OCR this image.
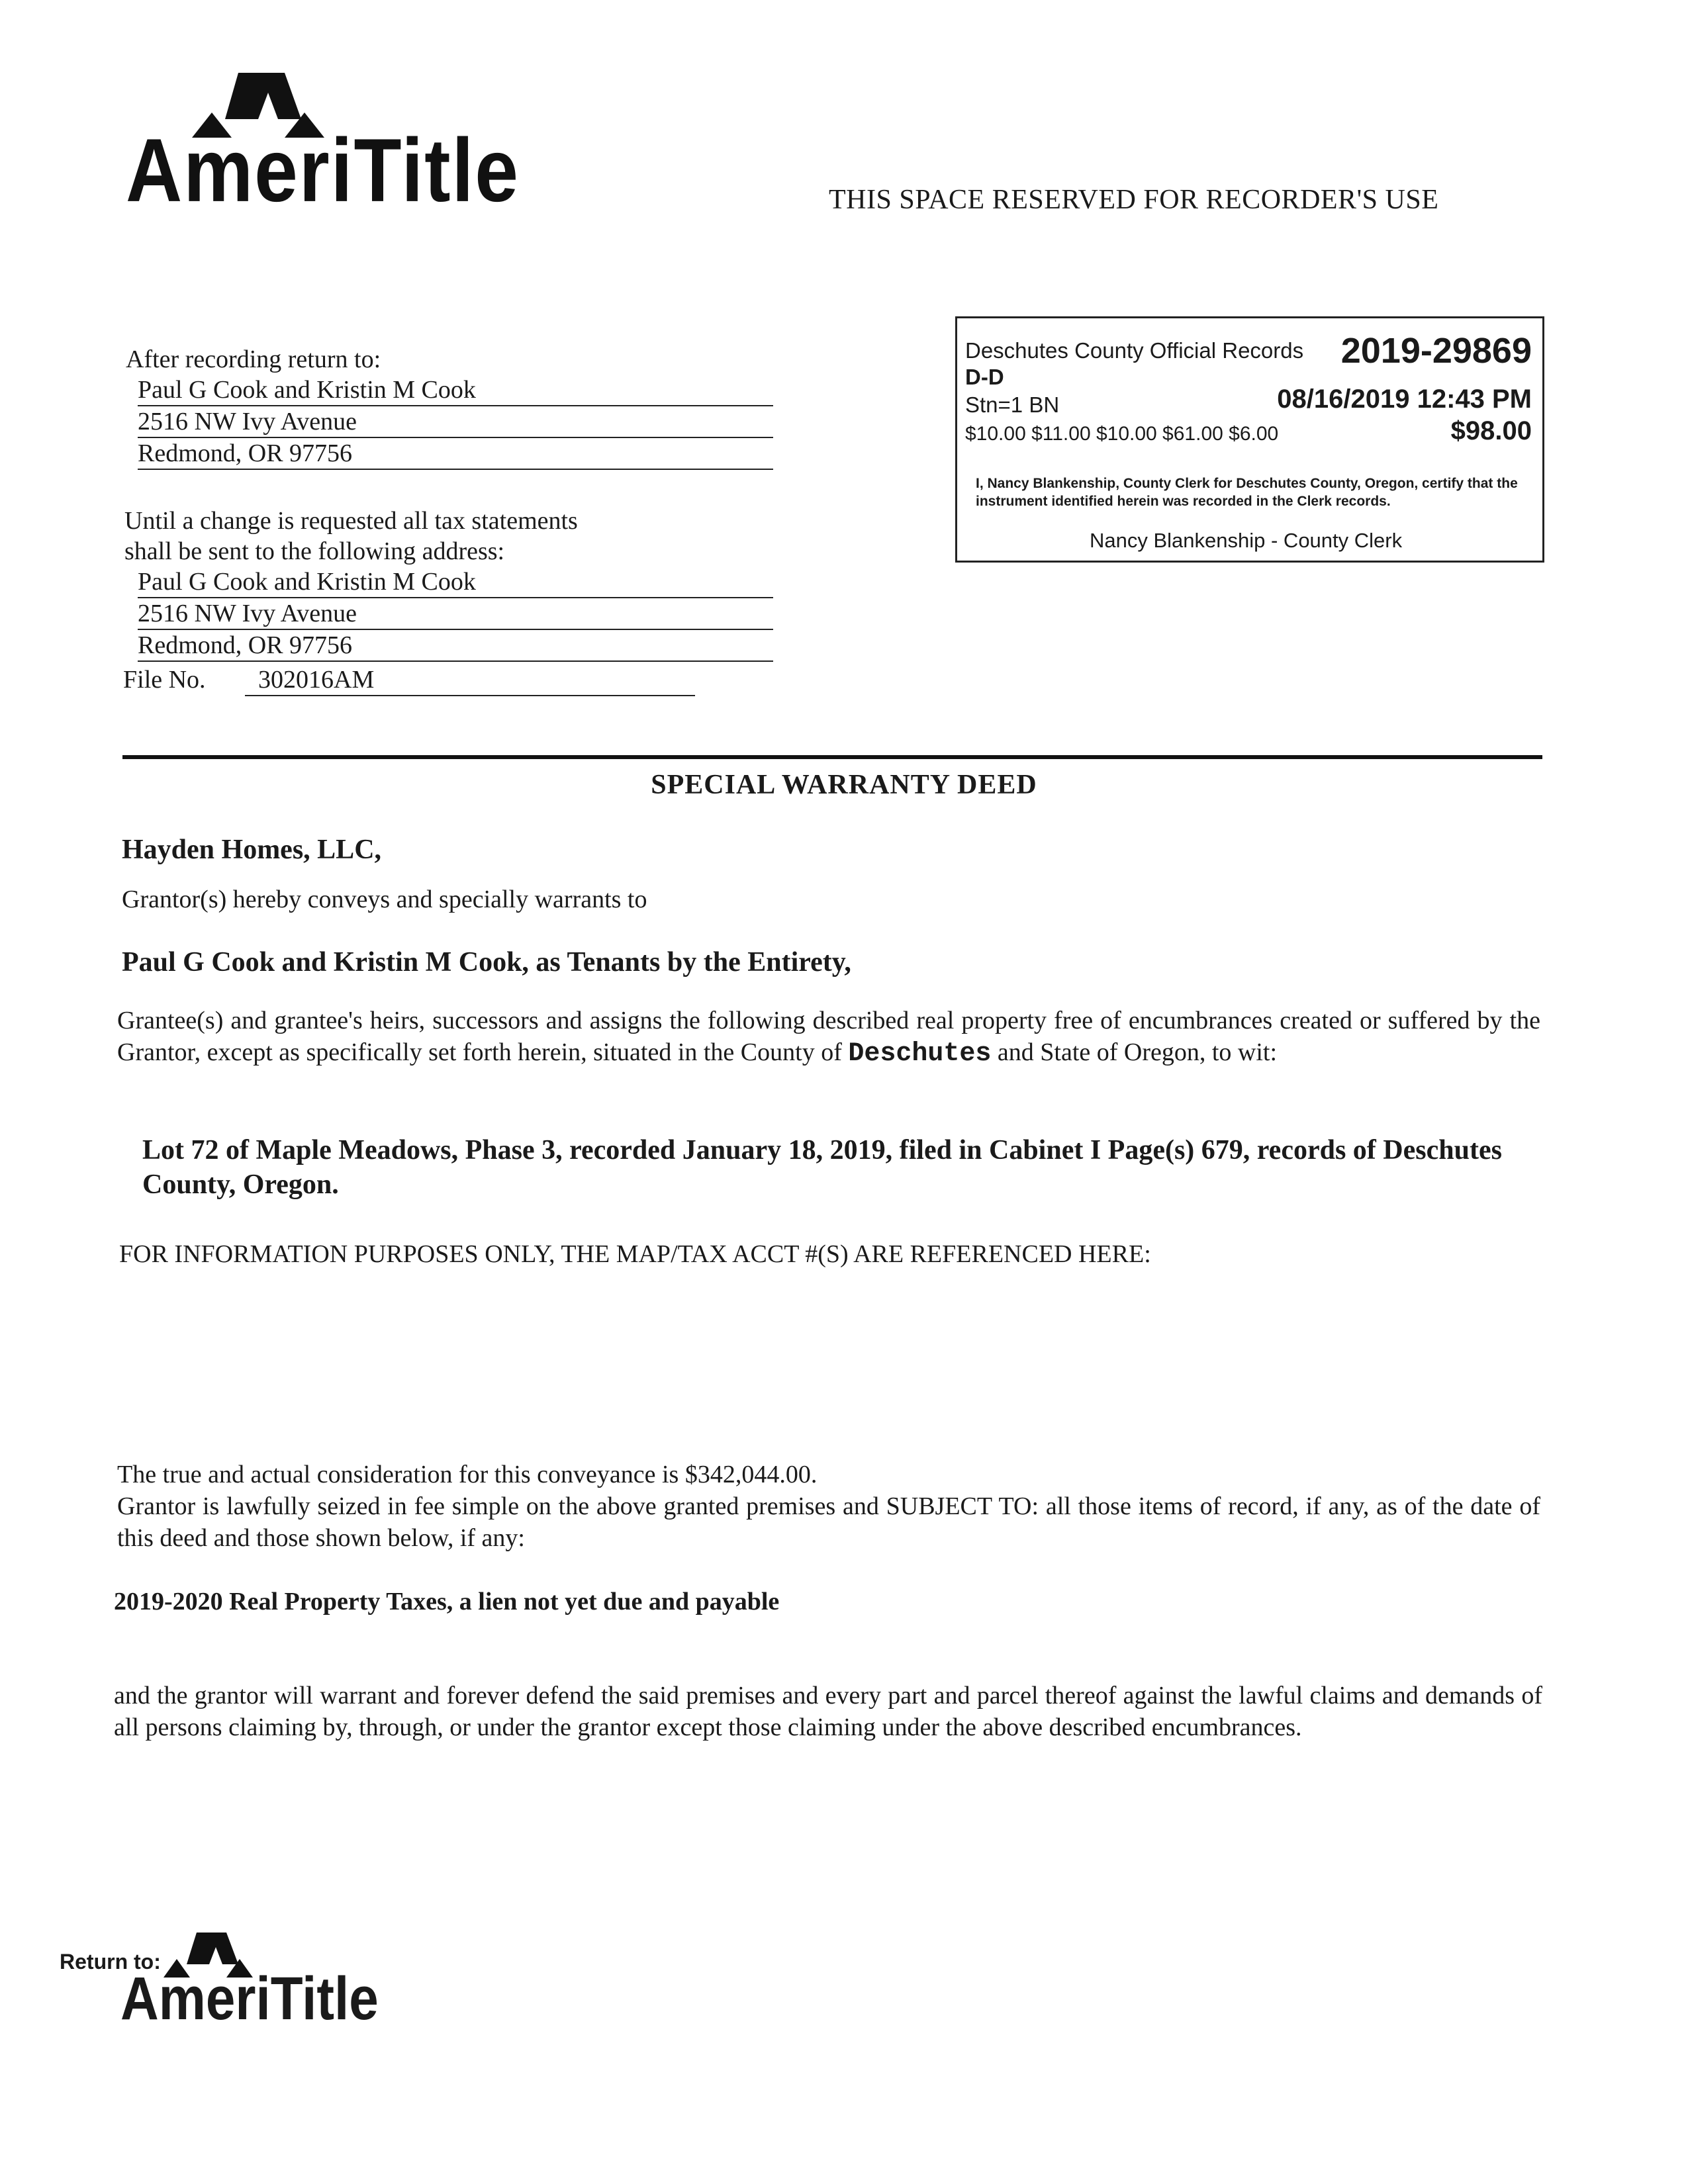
AmeriTitle	THIS SPACE RESERVED FOR RECORDER'S USE
Deschutes County Official Records 2019-29869
D-D
Stn=1 BN	08/16/2019 12:43 PM
$10.00 $11.00 $10.00 $61.00 $6.00	$98.00
I, Nancy Blankenship, County Clerk for Deschutes County, Oregon, certify that the instrument identified herein was recorded in the Clerk records.
Nancy Blankenship - County Clerk
After recording return to:
Paul G Cook and Kristin M Cook
2516 NW Ivy Avenue
Redmond, OR 97756
Until a change is requested all tax statements
shall be sent to the following address:
Paul G Cook and Kristin M Cook
2516 NW Ivy Avenue
Redmond, OR 97756
File No.	302016AM
SPECIAL WARRANTY DEED
Hayden Homes, LLC,
Grantor(s) hereby conveys and specially warrants to
Paul G Cook and Kristin M Cook, as Tenants by the Entirety,
Grantee(s) and grantee's heirs, successors and assigns the following described real property free of encumbrances created or suffered by the Grantor, except as specifically set forth herein, situated in the County of Deschutes and State of Oregon, to wit:
Lot 72 of Maple Meadows, Phase 3, recorded January 18, 2019, filed in Cabinet I Page(s) 679, records of Deschutes County, Oregon.
FOR INFORMATION PURPOSES ONLY, THE MAP/TAX ACCT #(S) ARE REFERENCED HERE:
The true and actual consideration for this conveyance is $342,044.00.
Grantor is lawfully seized in fee simple on the above granted premises and SUBJECT TO: all those items of record, if any, as of the date of this deed and those shown below, if any:
2019-2020 Real Property Taxes, a lien not yet due and payable
and the grantor will warrant and forever defend the said premises and every part and parcel thereof against the lawful claims and demands of all persons claiming by, through, or under the grantor except those claiming under the above described encumbrances.
Return to:
AmeriTitle
